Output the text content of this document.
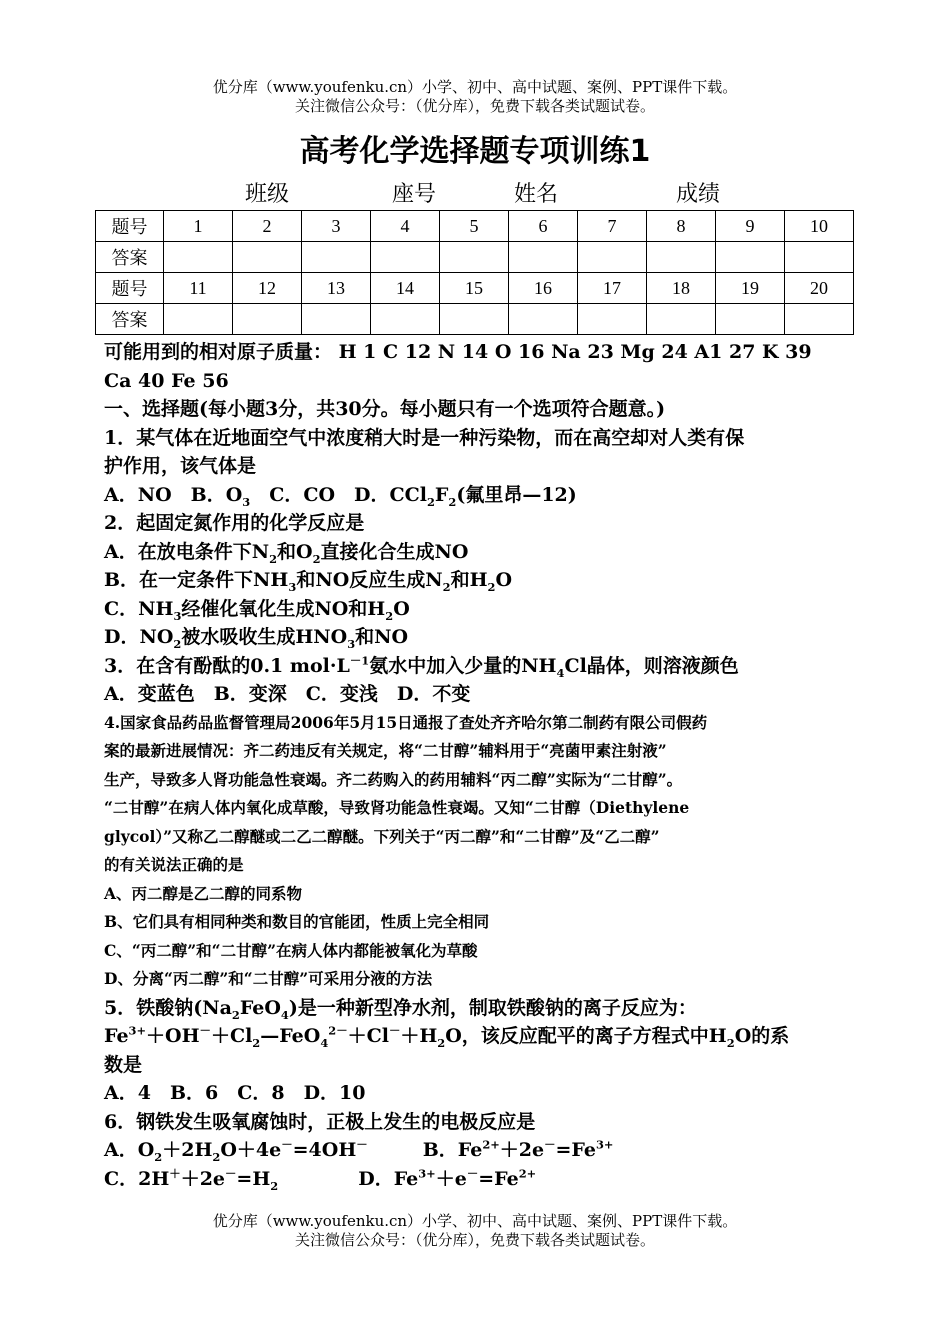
优分库（www.youfenku.cn）小学、初中、高中试题、案例、PPT课件下载。
关注微信公众号：（优分库），免费下载各类试题试卷。
高考化学选择题专项训练1
班级	座号	姓名	成绩
题号	1	2	3	4	5	6	7	8	9	10
答案										
题号	11	12	13	14	15	16	17	18	19	20
答案										

可能用到的相对原子质量： H 1 C 12 N 14 O 16 Na 23 Mg 24 A1 27 K 39

Ca 40 Fe 56

一、选择题(每小题3分，共30分。每小题只有一个选项符合题意。)

1．某气体在近地面空气中浓度稍大时是一种污染物，而在高空却对人类有保

护作用，该气体是

A．NO　B．$O_3$　C．CO　D．$CCl_2F_2$(氟里昂—12)

2．起固定氮作用的化学反应是

A．在放电条件下$N_2$和$O_2$直接化合生成NO

B．在一定条件下$NH_3$和NO反应生成$N_2$和$H_2O$

C．$NH_3$经催化氧化生成NO和$H_2O$

D．$NO_2$被水吸收生成$HNO_3$和NO

3．在含有酚酞的0.1 $mol\cdot L^{-1}$氨水中加入少量的$NH_4Cl$晶体，则溶液颜色

A．变蓝色　B．变深　C．变浅　D．不变

4.国家食品药品监督管理局2006年5月15日通报了查处齐齐哈尔第二制药有限公司假药

案的最新进展情况：齐二药违反有关规定，将“二甘醇”辅料用于“亮菌甲素注射液”

生产，导致多人肾功能急性衰竭。齐二药购入的药用辅料“丙二醇”实际为“二甘醇”。

“二甘醇”在病人体内氧化成草酸，导致肾功能急性衰竭。又知“二甘醇（Diethylene

glycol）”又称乙二醇醚或二乙二醇醚。下列关于“丙二醇”和“二甘醇”及“乙二醇”

的有关说法正确的是

A、丙二醇是乙二醇的同系物

B、它们具有相同种类和数目的官能团，性质上完全相同

C、“丙二醇”和“二甘醇”在病人体内都能被氧化为草酸

D、分离“丙二醇”和“二甘醇”可采用分液的方法

5．铁酸钠$(Na_2FeO_4)$是一种新型净水剂，制取铁酸钠的离子反应为：

$Fe^{3+}+OH^-+Cl_2—FeO_4^{2-}+Cl^-+H_2O$，该反应配平的离子方程式中$H_2O$的系

数是

A．4　B．6　C．8　D．10

6．钢铁发生吸氧腐蚀时，正极上发生的电极反应是

A．$O_2+2H_2O+4e^-=4OH^-$	B．$Fe^{2+}+2e^-=Fe^{3+}$

C．$2H^++2e^-=H_2$	D．$Fe^{3+}+e^-=Fe^{2+}$

优分库（www.youfenku.cn）小学、初中、高中试题、案例、PPT课件下载。
关注微信公众号：（优分库），免费下载各类试题试卷。
